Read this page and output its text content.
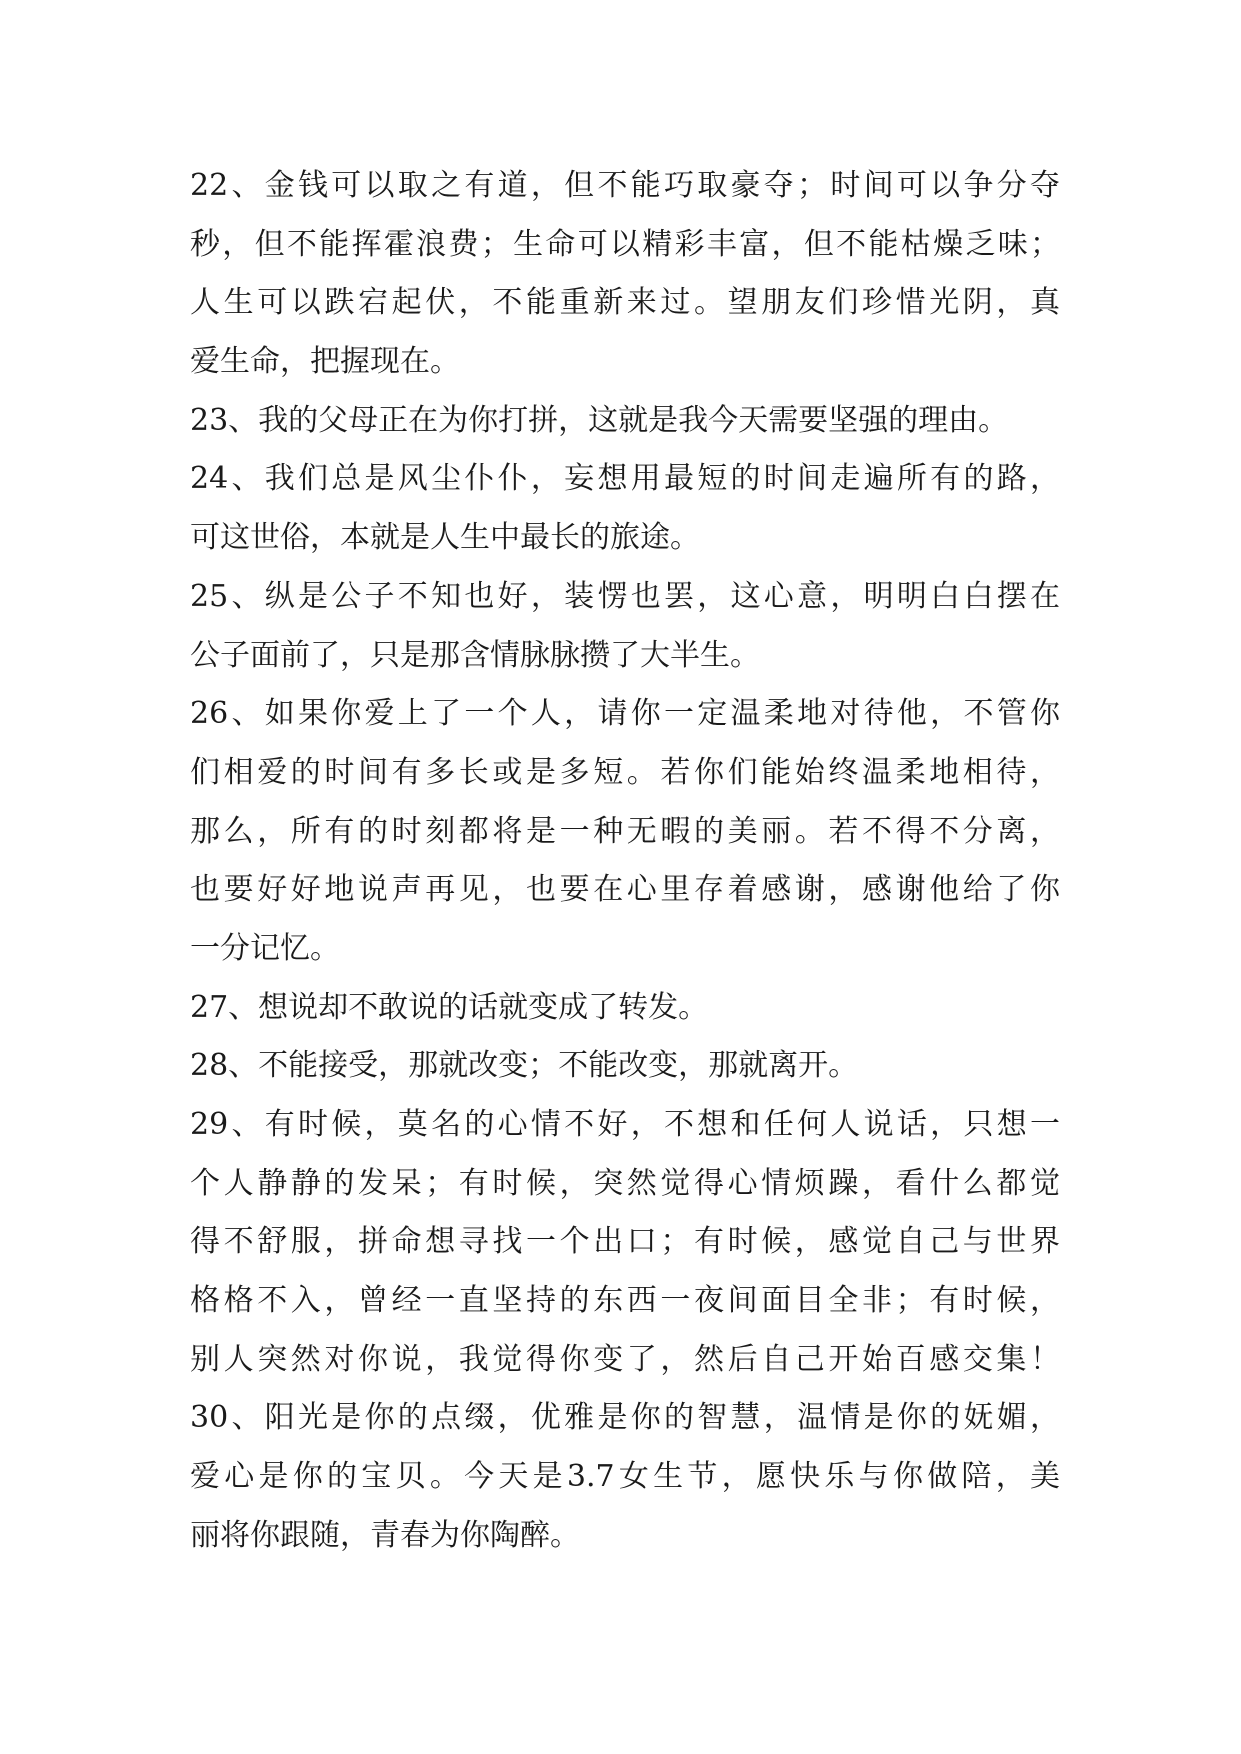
22、金钱可以取之有道，但不能巧取豪夺；时间可以争分夺
秒，但不能挥霍浪费；生命可以精彩丰富，但不能枯燥乏味；
人生可以跌宕起伏，不能重新来过。望朋友们珍惜光阴，真
爱生命，把握现在。
23、我的父母正在为你打拼，这就是我今天需要坚强的理由。
24、我们总是风尘仆仆，妄想用最短的时间走遍所有的路，
可这世俗，本就是人生中最长的旅途。
25、纵是公子不知也好，装愣也罢，这心意，明明白白摆在
公子面前了，只是那含情脉脉攒了大半生。
26、如果你爱上了一个人，请你一定温柔地对待他，不管你
们相爱的时间有多长或是多短。若你们能始终温柔地相待，
那么，所有的时刻都将是一种无暇的美丽。若不得不分离，
也要好好地说声再见，也要在心里存着感谢，感谢他给了你
一分记忆。
27、想说却不敢说的话就变成了转发。
28、不能接受，那就改变；不能改变，那就离开。
29、有时候，莫名的心情不好，不想和任何人说话，只想一
个人静静的发呆；有时候，突然觉得心情烦躁，看什么都觉
得不舒服，拼命想寻找一个出口；有时候，感觉自己与世界
格格不入，曾经一直坚持的东西一夜间面目全非；有时候，
别人突然对你说，我觉得你变了，然后自己开始百感交集！
30、阳光是你的点缀，优雅是你的智慧，温情是你的妩媚，
爱心是你的宝贝。今天是3.7女生节，愿快乐与你做陪，美
丽将你跟随，青春为你陶醉。
